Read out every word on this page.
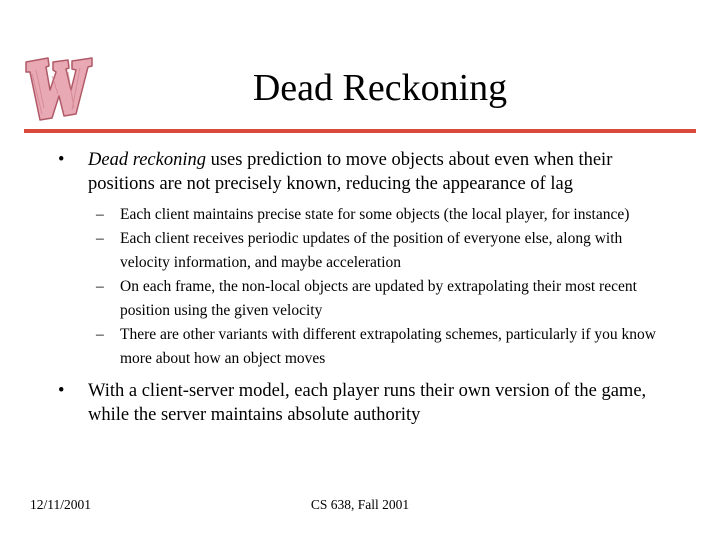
Dead Reckoning
• Dead reckoning uses prediction to move objects about even when their positions are not precisely known, reducing the appearance of lag
– Each client maintains precise state for some objects (the local player, for instance)
– Each client receives periodic updates of the position of everyone else, along with velocity information, and maybe acceleration
– On each frame, the non-local objects are updated by extrapolating their most recent position using the given velocity
– There are other variants with different extrapolating schemes, particularly if you know more about how an object moves
• With a client-server model, each player runs their own version of the game, while the server maintains absolute authority
12/11/2001	CS 638, Fall 2001
